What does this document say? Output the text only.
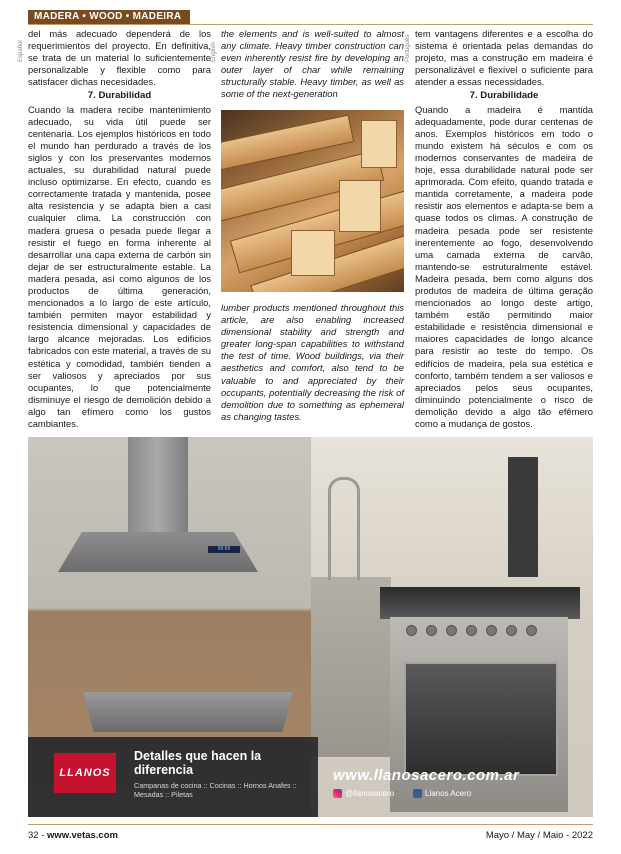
MADERA • WOOD • MADEIRA
Español

del más adecuado dependerá de los requerimientos del proyecto. En definitiva, se trata de un material lo suficientemente personalizable y flexible como para satisfacer dichas necesidades.

7. Durabilidad

Cuando la madera recibe mantenimiento adecuado, su vida útil puede ser centenaria. Los ejemplos históricos en todo el mundo han perdurado a través de los siglos y con los preservantes modernos actuales, su durabilidad natural puede incluso optimizarse. En efecto, cuando es correctamente tratada y mantenida, posee alta resistencia y se adapta bien a casi cualquier clima. La construcción con madera gruesa o pesada puede llegar a resistir el fuego en forma inherente al desarrollar una capa externa de carbón sin dejar de ser estructuralmente estable. La madera pesada, así como algunos de los productos de última generación, mencionados a lo largo de este artículo, también permiten mayor estabilidad y resistencia dimensional y capacidades de largo alcance mejoradas. Los edificios fabricados con este material, a través de su estética y comodidad, también tienden a ser valiosos y apreciados por sus ocupantes, lo que potencialmente disminuye el riesgo de demolición debido a algo tan efímero como los gustos cambiantes.

English

the elements and is well-suited to almost any climate. Heavy timber construction can even inherently resist fire by developing an outer layer of char while remaining structurally stable. Heavy timber, as well as some of the next-generation

lumber products mentioned throughout this article, are also enabling increased dimensional stability and strength and greater long-span capabilities to withstand the test of time. Wood buildings, via their aesthetics and comfort, also tend to be valuable to and appreciated by their occupants, potentially decreasing the risk of demolition due to something as ephemeral as changing tastes.

Português

tem vantagens diferentes e a escolha do sistema é orientada pelas demandas do projeto, mas a construção em madeira é personalizável e flexível o suficiente para atender a essas necessidades.

7. Durabilidade

Quando a madeira é mantida adequadamente, pode durar centenas de anos. Exemplos históricos em todo o mundo existem há séculos e com os modernos conservantes de madeira de hoje, essa durabilidade natural pode ser aprimorada. Com efeito, quando tratada e mantida corretamente, a madeira pode resistir aos elementos e adapta-se bem a quase todos os climas. A construção de madeira pesada pode ser resistente inerentemente ao fogo, desenvolvendo uma camada externa de carvão, mantendo-se estruturalmente estável. Madeira pesada, bem como alguns dos produtos de madeira de última geração mencionados ao longo deste artigo, também estão permitindo maior estabilidade e resistência dimensional e maiores capacidades de longo alcance para resistir ao teste do tempo. Os edifícios de madeira, pela sua estética e conforto, também tendem a ser valiosos e apreciados pelos seus ocupantes, diminuindo potencialmente o risco de demolição devido a algo tão efêmero como a mudança de gostos.

88:88
LLANOS
Detalles que hacen la diferencia
Campanas de cocina :: Cocinas :: Hornos Anafes :: Mesadas :: Piletas
www.llanosacero.com.ar
@llanosacero	Llanos Acero
32 - www.vetas.com	Mayo / May / Maio - 2022
